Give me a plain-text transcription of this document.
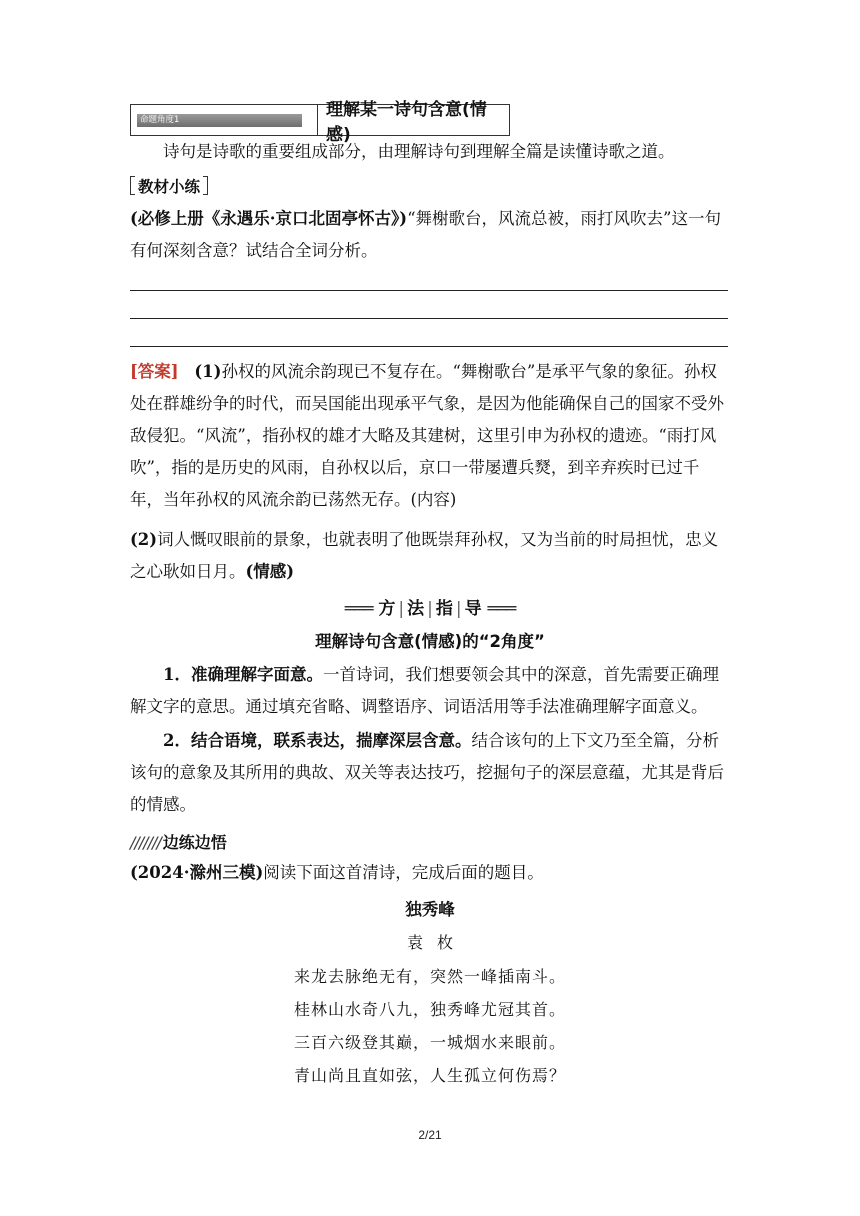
命题角度1	理解某一诗句含意(情感)
诗句是诗歌的重要组成部分，由理解诗句到理解全篇是读懂诗歌之道。
教材小练
(必修上册《永遇乐·京口北固亭怀古》)“舞榭歌台，风流总被，雨打风吹去”这一句有何深刻含意？试结合全词分析。
[答案] (1)孙权的风流余韵现已不复存在。“舞榭歌台”是承平气象的象征。孙权处在群雄纷争的时代，而吴国能出现承平气象，是因为他能确保自己的国家不受外敌侵犯。“风流”，指孙权的雄才大略及其建树，这里引申为孙权的遗迹。“雨打风吹”，指的是历史的风雨，自孙权以后，京口一带屡遭兵燹，到辛弃疾时已过千年，当年孙权的风流余韵已荡然无存。(内容)
(2)词人慨叹眼前的景象，也就表明了他既崇拜孙权，又为当前的时局担忧，忠义之心耿如日月。(情感)
═══ 方 | 法 | 指 | 导 ═══
理解诗句含意(情感)的“2角度”
1．准确理解字面意。一首诗词，我们想要领会其中的深意，首先需要正确理解文字的意思。通过填充省略、调整语序、词语活用等手法准确理解字面意义。
2．结合语境，联系表达，揣摩深层含意。结合该句的上下文乃至全篇，分析该句的意象及其所用的典故、双关等表达技巧，挖掘句子的深层意蕴，尤其是背后的情感。
/////// 边练边悟
(2024·滁州三模)阅读下面这首清诗，完成后面的题目。
独秀峰
袁枚
来龙去脉绝无有，突然一峰插南斗。
桂林山水奇八九，独秀峰尤冠其首。
三百六级登其巅，一城烟水来眼前。
青山尚且直如弦，人生孤立何伤焉？
2/21
